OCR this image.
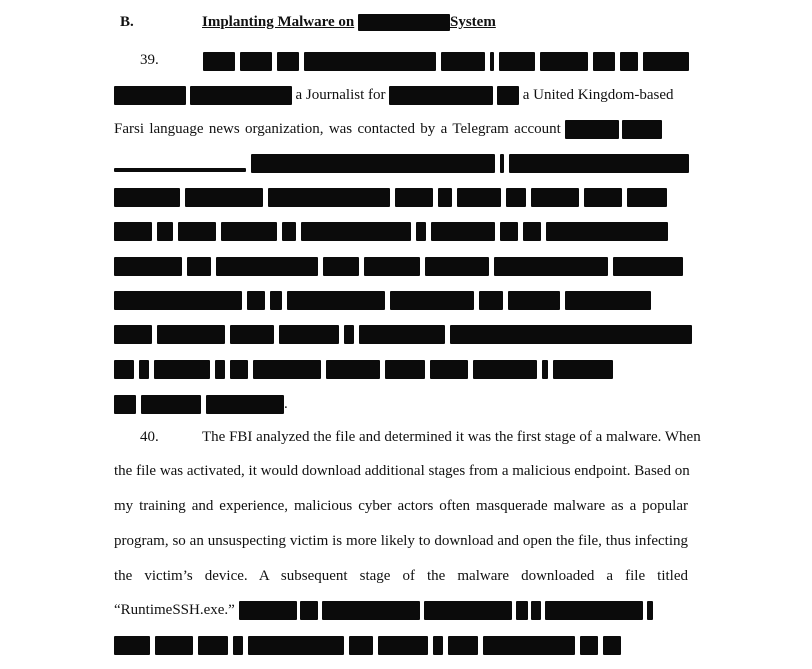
B.	Implanting Malware on	System
39.
a Journalist for	a United Kingdom-based
Farsi language news organization, was contacted by a Telegram account
.
40.	The FBI analyzed the file and determined it was the first stage of a malware. When
the file was activated, it would download additional stages from a malicious endpoint. Based on
my training and experience, malicious cyber actors often masquerade malware as a popular
program, so an unsuspecting victim is more likely to download and open the file, thus infecting
the victim’s device. A subsequent stage of the malware downloaded a file titled
“RuntimeSSH.exe.”
